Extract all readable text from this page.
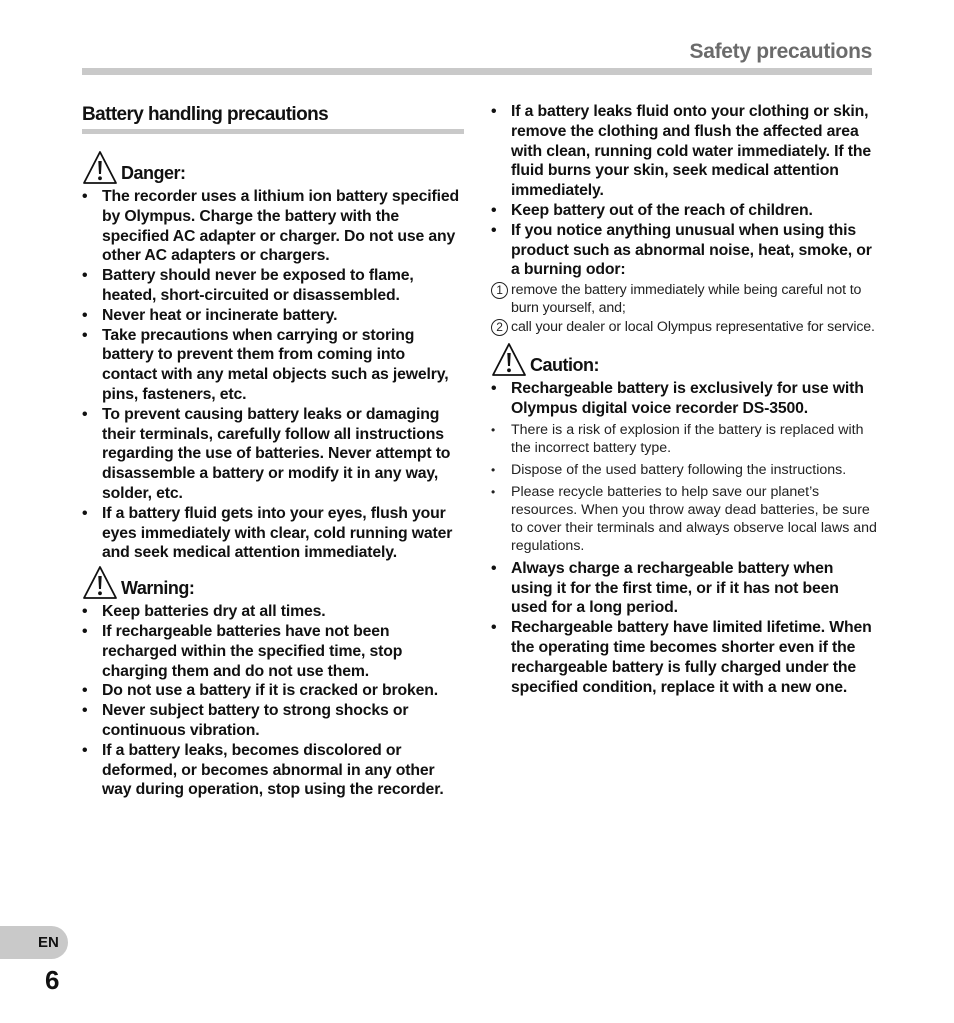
Safety precautions
Battery handling precautions
Danger:
• The recorder uses a lithium ion battery specified by Olympus. Charge the battery with the specified AC adapter or charger. Do not use any other AC adapters or chargers.
• Battery should never be exposed to flame, heated, short-circuited or disassembled.
• Never heat or incinerate battery.
• Take precautions when carrying or storing battery to prevent them from coming into contact with any metal objects such as jewelry, pins, fasteners, etc.
• To prevent causing battery leaks or damaging their terminals, carefully follow all instructions regarding the use of batteries. Never attempt to disassemble a battery or modify it in any way, solder, etc.
• If a battery fluid gets into your eyes, flush your eyes immediately with clear, cold running water and seek medical attention immediately.
Warning:
• Keep batteries dry at all times.
• If rechargeable batteries have not been recharged within the specified time, stop charging them and do not use them.
• Do not use a battery if it is cracked or broken.
• Never subject battery to strong shocks or continuous vibration.
• If a battery leaks, becomes discolored or deformed, or becomes abnormal in any other way during operation, stop using the recorder.
• If a battery leaks fluid onto your clothing or skin, remove the clothing and flush the affected area with clean, running cold water immediately. If the fluid burns your skin, seek medical attention immediately.
• Keep battery out of the reach of children.
• If you notice anything unusual when using this product such as abnormal noise, heat, smoke, or a burning odor:
1 remove the battery immediately while being careful not to burn yourself, and;
2 call your dealer or local Olympus representative for service.
Caution:
• Rechargeable battery is exclusively for use with Olympus digital voice recorder DS-3500.
• There is a risk of explosion if the battery is replaced with the incorrect battery type.
• Dispose of the used battery following the instructions.
• Please recycle batteries to help save our planet’s resources. When you throw away dead batteries, be sure to cover their terminals and always observe local laws and regulations.
• Always charge a rechargeable battery when using it for the first time, or if it has not been used for a long period.
• Rechargeable battery have limited lifetime. When the operating time becomes shorter even if the rechargeable battery is fully charged under the specified condition, replace it with a new one.
EN
6
